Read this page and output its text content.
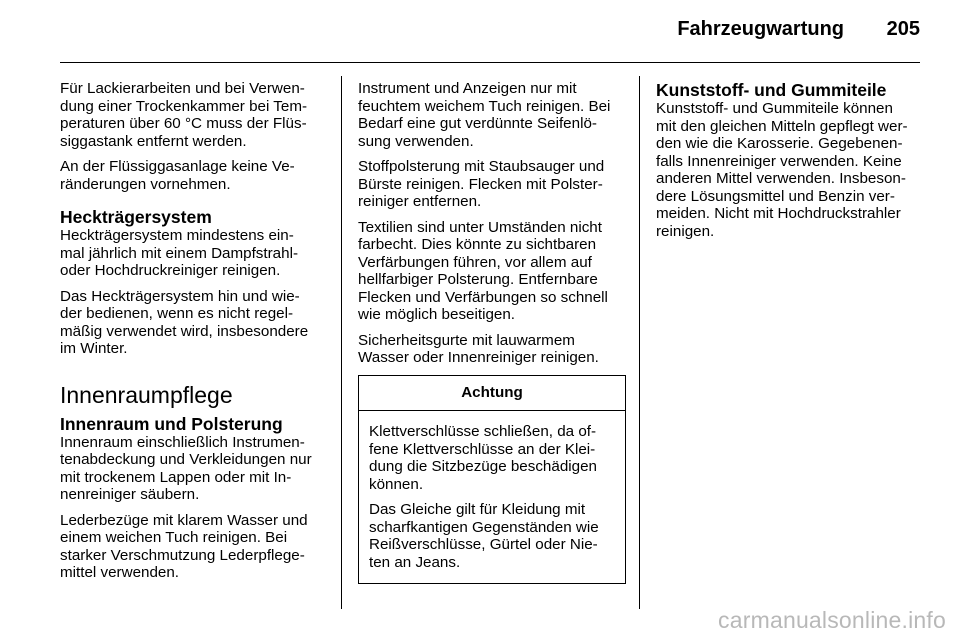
Fahrzeugwartung 205

Für Lackierarbeiten und bei Verwen-
dung einer Trockenkammer bei Tem-
peraturen über 60 °C muss der Flüs-
siggastank entfernt werden.

An der Flüssiggasanlage keine Ve-
ränderungen vornehmen.

Heckträgersystem

Heckträgersystem mindestens ein-
mal jährlich mit einem Dampfstrahl-
oder Hochdruckreiniger reinigen.

Das Heckträgersystem hin und wie-
der bedienen, wenn es nicht regel-
mäßig verwendet wird, insbesondere
im Winter.

Innenraumpflege
Innenraum und Polsterung

Innenraum einschließlich Instrumen-
tenabdeckung und Verkleidungen nur
mit trockenem Lappen oder mit In-
nenreiniger säubern.

Lederbezüge mit klarem Wasser und
einem weichen Tuch reinigen. Bei
starker Verschmutzung Lederpflege-
mittel verwenden.

Instrument und Anzeigen nur mit
feuchtem weichem Tuch reinigen. Bei
Bedarf eine gut verdünnte Seifenlö-
sung verwenden.

Stoffpolsterung mit Staubsauger und
Bürste reinigen. Flecken mit Polster-
reiniger entfernen.

Textilien sind unter Umständen nicht
farbecht. Dies könnte zu sichtbaren
Verfärbungen führen, vor allem auf
hellfarbiger Polsterung. Entfernbare
Flecken und Verfärbungen so schnell
wie möglich beseitigen.

Sicherheitsgurte mit lauwarmem
Wasser oder Innenreiniger reinigen.

Achtung

Klettverschlüsse schließen, da of-
fene Klettverschlüsse an der Klei-
dung die Sitzbezüge beschädigen
können.

Das Gleiche gilt für Kleidung mit
scharfkantigen Gegenständen wie
Reißverschlüsse, Gürtel oder Nie-
ten an Jeans.

Kunststoff- und Gummiteile

Kunststoff- und Gummiteile können
mit den gleichen Mitteln gepflegt wer-
den wie die Karosserie. Gegebenen-
falls Innenreiniger verwenden. Keine
anderen Mittel verwenden. Insbeson-
dere Lösungsmittel und Benzin ver-
meiden. Nicht mit Hochdruckstrahler
reinigen.

carmanualsonline.info
